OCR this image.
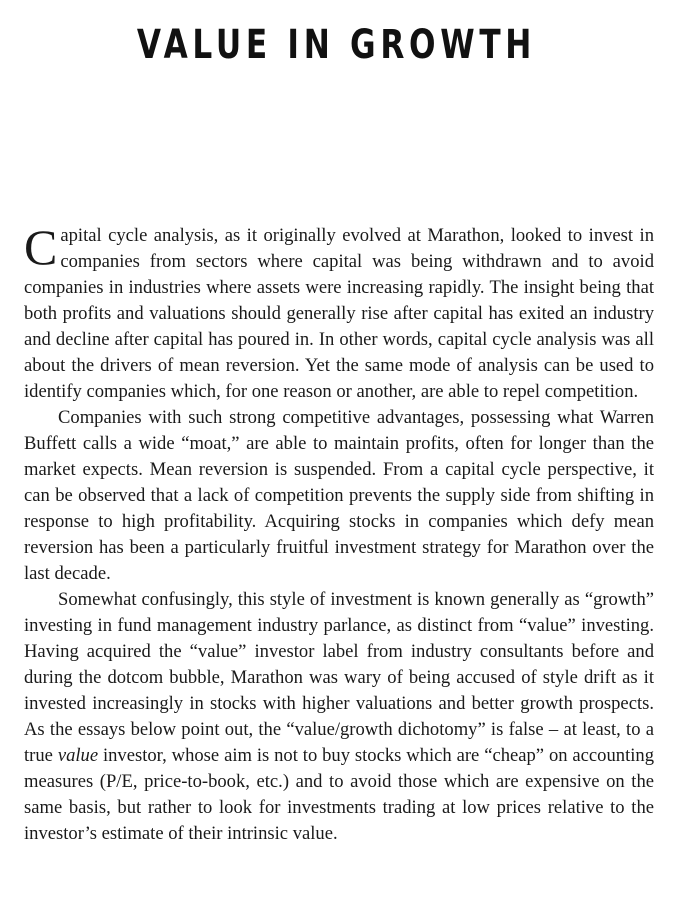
VALUE IN GROWTH

Capital cycle analysis, as it originally evolved at Marathon, looked to invest in companies from sectors where capital was being withdrawn and to avoid companies in industries where assets were increasing rapidly. The insight being that both profits and valuations should generally rise after capital has exited an industry and decline after capital has poured in. In other words, capital cycle analysis was all about the drivers of mean reversion. Yet the same mode of analysis can be used to identify companies which, for one reason or another, are able to repel competition.

Companies with such strong competitive advantages, possessing what Warren Buffett calls a wide “moat,” are able to maintain profits, often for longer than the market expects. Mean reversion is suspended. From a capital cycle perspective, it can be observed that a lack of competition prevents the supply side from shifting in response to high profitability. Acquiring stocks in companies which defy mean reversion has been a particularly fruitful investment strategy for Marathon over the last decade.

Somewhat confusingly, this style of investment is known generally as “growth” investing in fund management industry parlance, as distinct from “value” investing. Having acquired the “value” investor label from industry consultants before and during the dotcom bubble, Marathon was wary of being accused of style drift as it invested increasingly in stocks with higher valuations and better growth prospects. As the essays below point out, the “value/growth dichotomy” is false – at least, to a true value investor, whose aim is not to buy stocks which are “cheap” on accounting measures (P/E, price-to-book, etc.) and to avoid those which are expensive on the same basis, but rather to look for investments trading at low prices relative to the investor’s estimate of their intrinsic value.
